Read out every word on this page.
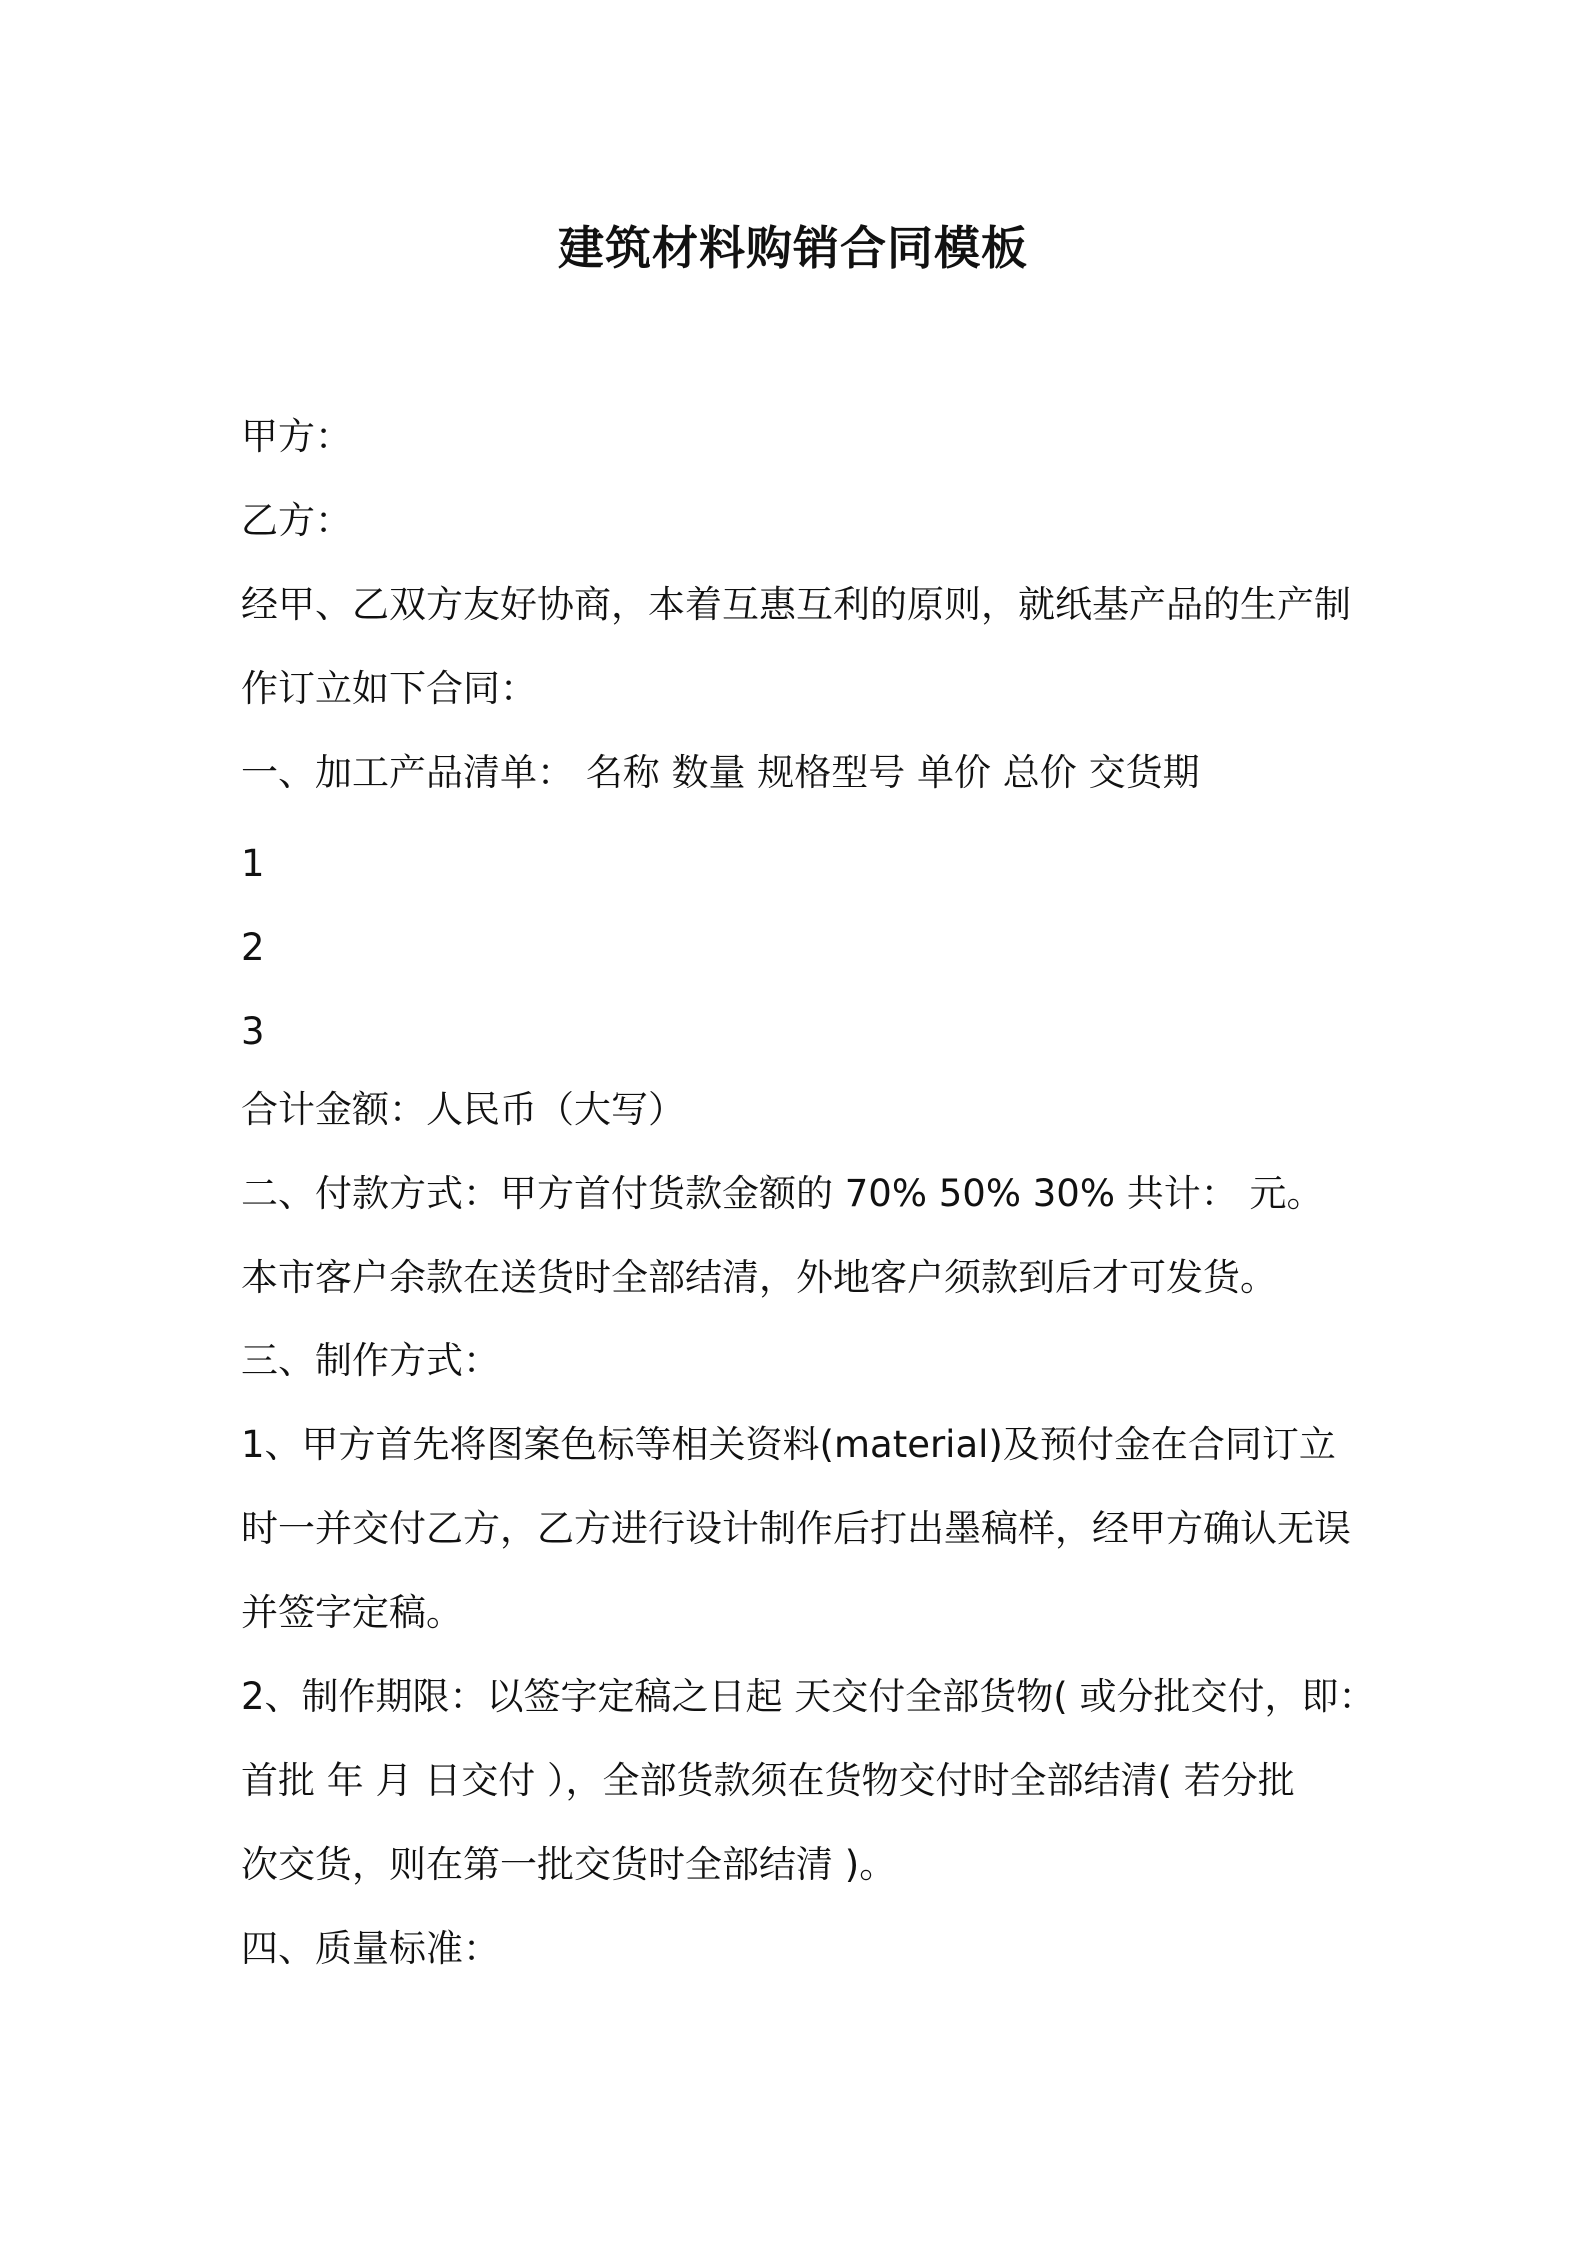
建筑材料购销合同模板
甲方：
乙方：
经甲、乙双方友好协商，本着互惠互利的原则，就纸基产品的生产制
作订立如下合同：
一、加工产品清单： 名称 数量 规格型号 单价 总价 交货期
1
2
3
合计金额：人民币（大写）
二、付款方式：甲方首付货款金额的 70% 50% 30% 共计： 元。
本市客户余款在送货时全部结清，外地客户须款到后才可发货。
三、制作方式：
1、甲方首先将图案色标等相关资料(material)及预付金在合同订立
时一并交付乙方，乙方进行设计制作后打出墨稿样，经甲方确认无误
并签字定稿。
2、制作期限：以签字定稿之日起 天交付全部货物( 或分批交付，即：
首批 年 月 日交付 ），全部货款须在货物交付时全部结清( 若分批
次交货，则在第一批交货时全部结清 )。
四、质量标准：
